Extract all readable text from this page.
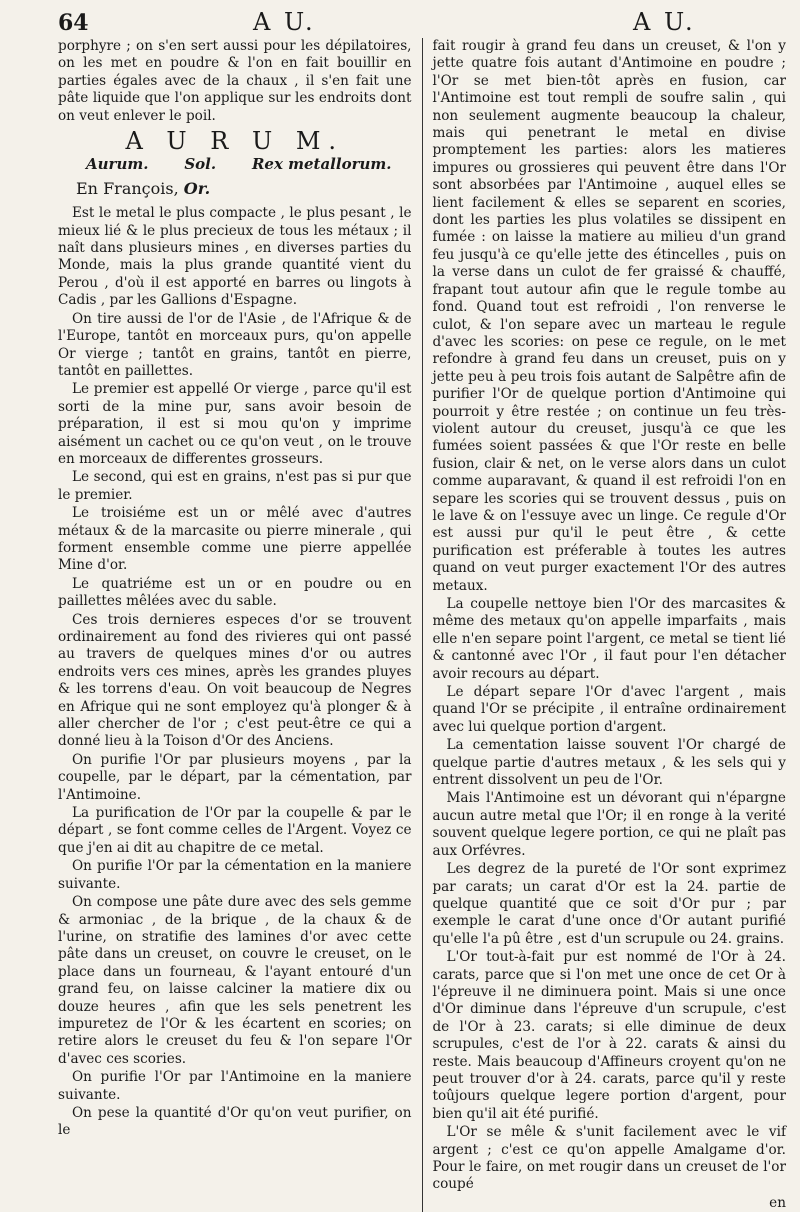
64	A U.	A U.

porphyre ; on s'en sert aussi pour les dépilatoires, on les met en poudre & l'on en fait bouillir en parties égales avec de la chaux , il s'en fait une pâte liquide que l'on applique sur les endroits dont on veut enlever le poil.

A U R U M.
Aurum. Sol. Rex metallorum.
En François, Or.

Est le metal le plus compacte , le plus pesant , le mieux lié & le plus precieux de tous les métaux ; il naît dans plusieurs mines , en diverses parties du Monde, mais la plus grande quantité vient du Perou , d'où il est apporté en barres ou lingots à Cadis , par les Gallions d'Espagne.

On tire aussi de l'or de l'Asie , de l'Afrique & de l'Europe, tantôt en morceaux purs, qu'on appelle Or vierge ; tantôt en grains, tantôt en pierre, tantôt en paillettes.

Le premier est appellé Or vierge , parce qu'il est sorti de la mine pur, sans avoir besoin de préparation, il est si mou qu'on y imprime aisément un cachet ou ce qu'on veut , on le trouve en morceaux de differentes grosseurs.

Le second, qui est en grains, n'est pas si pur que le premier.

Le troisiéme est un or mêlé avec d'autres métaux & de la marcasite ou pierre minerale , qui forment ensemble comme une pierre appellée Mine d'or.

Le quatriéme est un or en poudre ou en paillettes mêlées avec du sable.

Ces trois dernieres especes d'or se trouvent ordinairement au fond des rivieres qui ont passé au travers de quelques mines d'or ou autres endroits vers ces mines, après les grandes pluyes & les torrens d'eau. On voit beaucoup de Negres en Afrique qui ne sont employez qu'à plonger & à aller chercher de l'or ; c'est peut-être ce qui a donné lieu à la Toison d'Or des Anciens.

On purifie l'Or par plusieurs moyens , par la coupelle, par le départ, par la cémentation, par l'Antimoine.

La purification de l'Or par la coupelle & par le départ , se font comme celles de l'Argent. Voyez ce que j'en ai dit au chapitre de ce metal.

On purifie l'Or par la cémentation en la maniere suivante.

On compose une pâte dure avec des sels gemme & armoniac , de la brique , de la chaux & de l'urine, on stratifie des lamines d'or avec cette pâte dans un creuset, on couvre le creuset, on le place dans un fourneau, & l'ayant entouré d'un grand feu, on laisse calciner la matiere dix ou douze heures , afin que les sels penetrent les impuretez de l'Or & les écartent en scories; on retire alors le creuset du feu & l'on separe l'Or d'avec ces scories.

On purifie l'Or par l'Antimoine en la maniere suivante.

On pese la quantité d'Or qu'on veut purifier, on le

fait rougir à grand feu dans un creuset, & l'on y jette quatre fois autant d'Antimoine en poudre ; l'Or se met bien-tôt après en fusion, car l'Antimoine est tout rempli de soufre salin , qui non seulement augmente beaucoup la chaleur, mais qui penetrant le metal en divise promptement les parties: alors les matieres impures ou grossieres qui peuvent être dans l'Or sont absorbées par l'Antimoine , auquel elles se lient facilement & elles se separent en scories, dont les parties les plus volatiles se dissipent en fumée : on laisse la matiere au milieu d'un grand feu jusqu'à ce qu'elle jette des étincelles , puis on la verse dans un culot de fer graissé & chauffé, frapant tout autour afin que le regule tombe au fond. Quand tout est refroidi , l'on renverse le culot, & l'on separe avec un marteau le regule d'avec les scories: on pese ce regule, on le met refondre à grand feu dans un creuset, puis on y jette peu à peu trois fois autant de Salpêtre afin de purifier l'Or de quelque portion d'Antimoine qui pourroit y être restée ; on continue un feu très-violent autour du creuset, jusqu'à ce que les fumées soient passées & que l'Or reste en belle fusion, clair & net, on le verse alors dans un culot comme auparavant, & quand il est refroidi l'on en separe les scories qui se trouvent dessus , puis on le lave & on l'essuye avec un linge. Ce regule d'Or est aussi pur qu'il le peut être , & cette purification est préferable à toutes les autres quand on veut purger exactement l'Or des autres metaux.

La coupelle nettoye bien l'Or des marcasites & même des metaux qu'on appelle imparfaits , mais elle n'en separe point l'argent, ce metal se tient lié & cantonné avec l'Or , il faut pour l'en détacher avoir recours au départ.

Le départ separe l'Or d'avec l'argent , mais quand l'Or se précipite , il entraîne ordinairement avec lui quelque portion d'argent.

La cementation laisse souvent l'Or chargé de quelque partie d'autres metaux , & les sels qui y entrent dissolvent un peu de l'Or.

Mais l'Antimoine est un dévorant qui n'épargne aucun autre metal que l'Or; il en ronge à la verité souvent quelque legere portion, ce qui ne plaît pas aux Orfévres.

Les degrez de la pureté de l'Or sont exprimez par carats; un carat d'Or est la 24. partie de quelque quantité que ce soit d'Or pur ; par exemple le carat d'une once d'Or autant purifié qu'elle l'a pû être , est d'un scrupule ou 24. grains.

L'Or tout-à-fait pur est nommé de l'Or à 24. carats, parce que si l'on met une once de cet Or à l'épreuve il ne diminuera point. Mais si une once d'Or diminue dans l'épreuve d'un scrupule, c'est de l'Or à 23. carats; si elle diminue de deux scrupules, c'est de l'or à 22. carats & ainsi du reste. Mais beaucoup d'Affineurs croyent qu'on ne peut trouver d'or à 24. carats, parce qu'il y reste toûjours quelque legere portion d'argent, pour bien qu'il ait été purifié.

L'Or se mêle & s'unit facilement avec le vif argent ; c'est ce qu'on appelle Amalgame d'or. Pour le faire, on met rougir dans un creuset de l'or coupé

en
